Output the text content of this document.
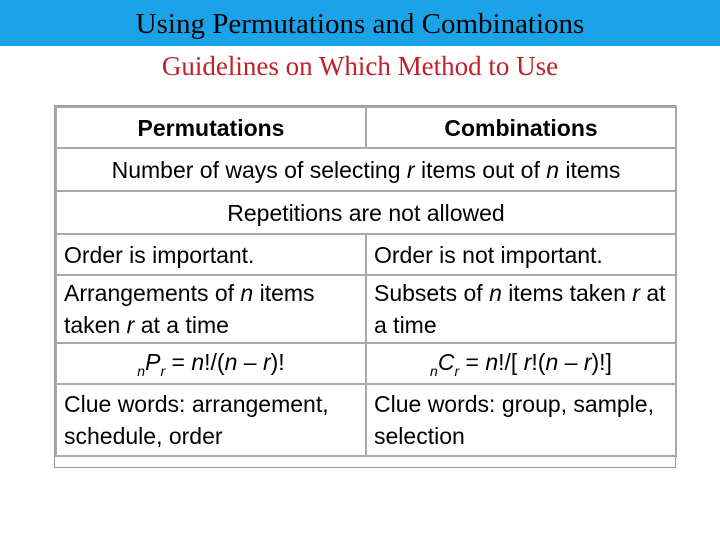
Using Permutations and Combinations
Guidelines on Which Method to Use
Permutations	Combinations
Number of ways of selecting r items out of n items	
Repetitions are not allowed	
Order is important.	Order is not important.
Arrangements of n items taken r at a time	Subsets of n items taken r at a time
$_nP_r = n!/(n - r)$!	$_nC_r = n!/$[ r!(n – r)!]
Clue words: arrangement, schedule, order	Clue words: group, sample, selection
